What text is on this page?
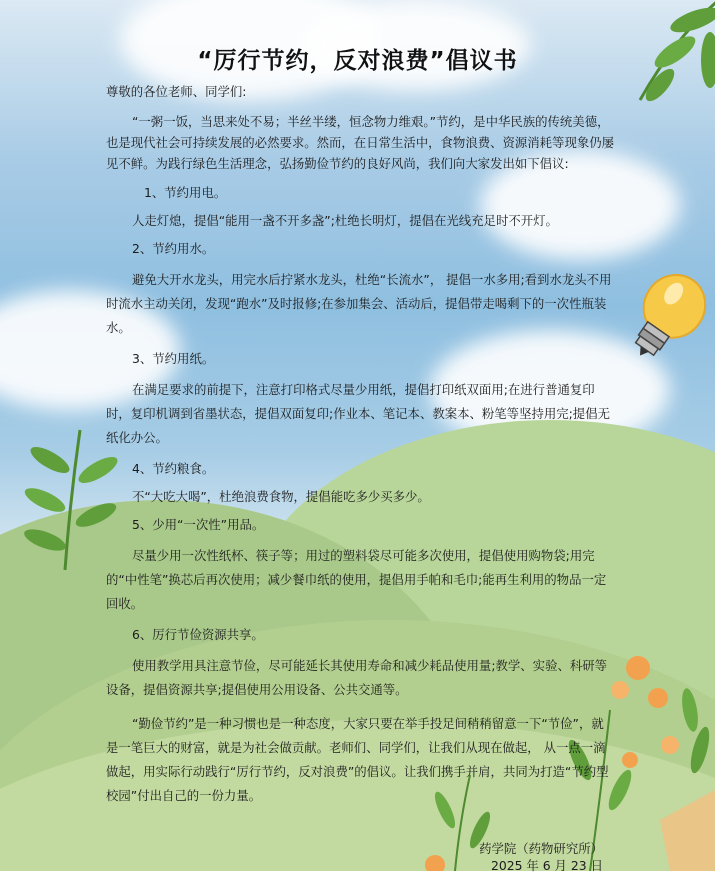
“厉行节约，反对浪费”倡议书

尊敬的各位老师、同学们:

“一粥一饭，当思来处不易；半丝半缕，恒念物力维艰。”节约，是中华民族的传统美德，也是现代社会可持续发展的必然要求。然而，在日常生活中，食物浪费、资源消耗等现象仍屡见不鲜。为践行绿色生活理念，弘扬勤俭节约的良好风尚，我们向大家发出如下倡议:

1、节约用电。

人走灯熄，提倡“能用一盏不开多盏”;杜绝长明灯，提倡在光线充足时不开灯。

2、节约用水。

避免大开水龙头，用完水后拧紧水龙头，杜绝“长流水”， 提倡一水多用;看到水龙头不用时流水主动关闭，发现“跑水”及时报修;在参加集会、活动后，提倡带走喝剩下的一次性瓶装水。

3、节约用纸。

在满足要求的前提下，注意打印格式尽量少用纸，提倡打印纸双面用;在进行普通复印时，复印机调到省墨状态，提倡双面复印;作业本、笔记本、教案本、粉笔等坚持用完;提倡无纸化办公。

4、节约粮食。

不“大吃大喝”，杜绝浪费食物，提倡能吃多少买多少。

5、少用“一次性”用品。

尽量少用一次性纸杯、筷子等；用过的塑料袋尽可能多次使用，提倡使用购物袋;用完的“中性笔”换芯后再次使用；减少餐巾纸的使用，提倡用手帕和毛巾;能再生利用的物品一定回收。

6、厉行节俭资源共享。

使用教学用具注意节俭，尽可能延长其使用寿命和减少耗品使用量;教学、实验、科研等设备，提倡资源共享;提倡使用公用设备、公共交通等。

“勤俭节约”是一种习惯也是一种态度，大家只要在举手投足间稍稍留意一下“节俭”，就是一笔巨大的财富，就是为社会做贡献。老师们、同学们，让我们从现在做起， 从一点一滴做起，用实际行动践行“厉行节约，反对浪费”的倡议。让我们携手并肩，共同为打造“节约型校园”付出自己的一份力量。

药学院（药物研究所）
2025 年 6 月 23 日
